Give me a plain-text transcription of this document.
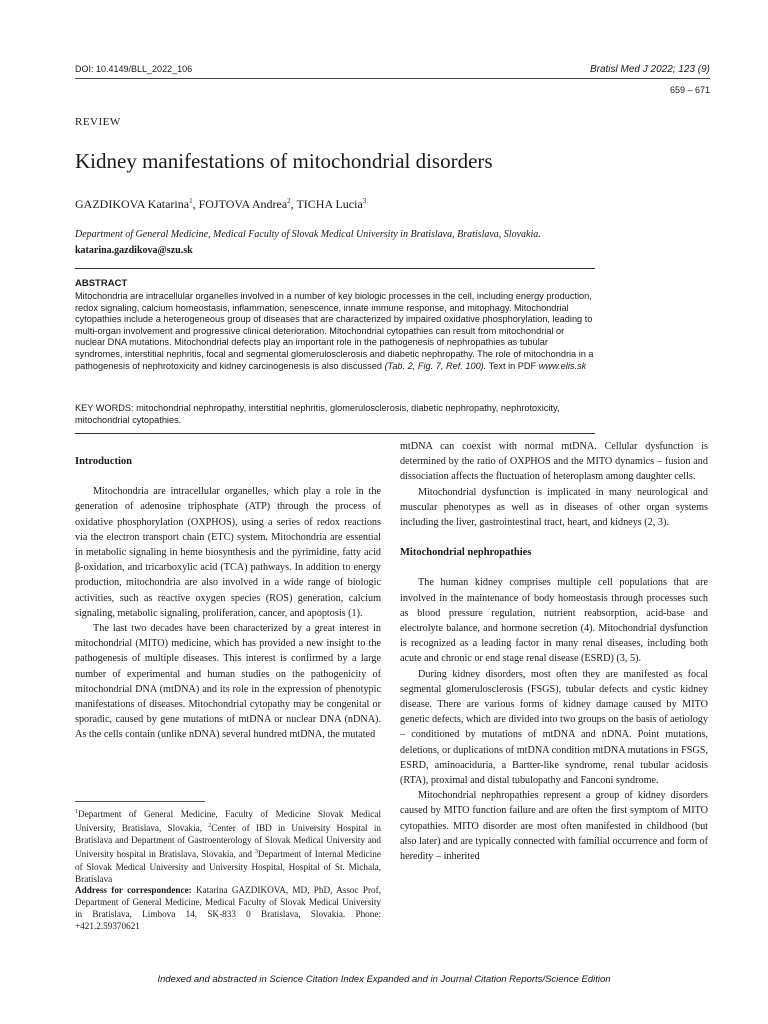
DOI: 10.4149/BLL_2022_106	Bratisl Med J 2022; 123 (9)
659 – 671
REVIEW
Kidney manifestations of mitochondrial disorders
GAZDIKOVA Katarina$^1$, FOJTOVA Andrea$^2$, TICHA Lucia$^3$
Department of General Medicine, Medical Faculty of Slovak Medical University in Bratislava, Bratislava, Slovakia. katarina.gazdikova@szu.sk
ABSTRACT
Mitochondria are intracellular organelles involved in a number of key biologic processes in the cell, including energy production, redox signaling, calcium homeostasis, inflammation, senescence, innate immune response, and mitophagy. Mitochondrial cytopathies include a heterogeneous group of diseases that are characterized by impaired oxidative phosphorylation, leading to multi-organ involvement and progressive clinical deterioration. Mitochondrial cytopathies can result from mitochondrial or nuclear DNA mutations. Mitochondrial defects play an important role in the pathogenesis of nephropathies as tubular syndromes, interstitial nephritis, focal and segmental glomerulosclerosis and diabetic nephropathy. The role of mitochondria in a pathogenesis of nephrotoxicity and kidney carcinogenesis is also discussed (Tab. 2, Fig. 7, Ref. 100). Text in PDF www.elis.sk
KEY WORDS: mitochondrial nephropathy, interstitial nephritis, glomerulosclerosis, diabetic nephropathy, nephrotoxicity, mitochondrial cytopathies.
Introduction

Mitochondria are intracellular organelles, which play a role in the generation of adenosine triphosphate (ATP) through the process of oxidative phosphorylation (OXPHOS), using a series of redox reactions via the electron transport chain (ETC) system. Mitochondria are essential in metabolic signaling in heme biosynthesis and the pyrimidine, fatty acid β-oxidation, and tricarboxylic acid (TCA) pathways. In addition to energy production, mitochondria are also involved in a wide range of biologic activities, such as reactive oxygen species (ROS) generation, calcium signaling, metabolic signaling, proliferation, cancer, and apoptosis (1).

The last two decades have been characterized by a great interest in mitochondrial (MITO) medicine, which has provided a new insight to the pathogenesis of multiple diseases. This interest is confirmed by a large number of experimental and human studies on the pathogenicity of mitochondrial DNA (mtDNA) and its role in the expression of phenotypic manifestations of diseases. Mitochondrial cytopathy may be congenital or sporadic, caused by gene mutations of mtDNA or nuclear DNA (nDNA). As the cells contain (unlike nDNA) several hundred mtDNA, the mutated

$^1$Department of General Medicine, Faculty of Medicine Slovak Medical University, Bratislava, Slovakia, $^2$Center of IBD in University Hospital in Bratislava and Department of Gastroenterology of Slovak Medical University and University hospital in Bratislava, Slovakia, and $^3$Department of Internal Medicine of Slovak Medical University and University Hospital, Hospital of St. Michala, Bratislava
Address for correspondence: Katarina GAZDIKOVA, MD, PhD, Assoc Prof, Department of General Medicine, Medical Faculty of Slovak Medical University in Bratislava, Limbova 14, SK-833 0 Bratislava, Slovakia. Phone: +421.2.59370621

mtDNA can coexist with normal mtDNA. Cellular dysfunction is determined by the ratio of OXPHOS and the MITO dynamics – fusion and dissociation affects the fluctuation of heteroplasm among daughter cells.

Mitochondrial dysfunction is implicated in many neurological and muscular phenotypes as well as in diseases of other organ systems including the liver, gastrointestinal tract, heart, and kidneys (2, 3).

Mitochondrial nephropathies

The human kidney comprises multiple cell populations that are involved in the maintenance of body homeostasis through processes such as blood pressure regulation, nutrient reabsorption, acid-base and electrolyte balance, and hormone secretion (4). Mitochondrial dysfunction is recognized as a leading factor in many renal diseases, including both acute and chronic or end stage renal disease (ESRD) (3, 5).

During kidney disorders, most often they are manifested as focal segmental glomerulosclerosis (FSGS), tubular defects and cystic kidney disease. There are various forms of kidney damage caused by MITO genetic defects, which are divided into two groups on the basis of aetiology – conditioned by mutations of mtDNA and nDNA. Point mutations, deletions, or duplications of mtDNA condition mtDNA mutations in FSGS, ESRD, aminoaciduria, a Bartter-like syndrome, renal tubular acidosis (RTA), proximal and distal tubulopathy and Fanconi syndrome.

Mitochondrial nephropathies represent a group of kidney disorders caused by MITO function failure and are often the first symptom of MITO cytopathies. MITO disorder are most often manifested in childhood (but also later) and are typically connected with familial occurrence and form of heredity – inherited

Indexed and abstracted in Science Citation Index Expanded and in Journal Citation Reports/Science Edition
